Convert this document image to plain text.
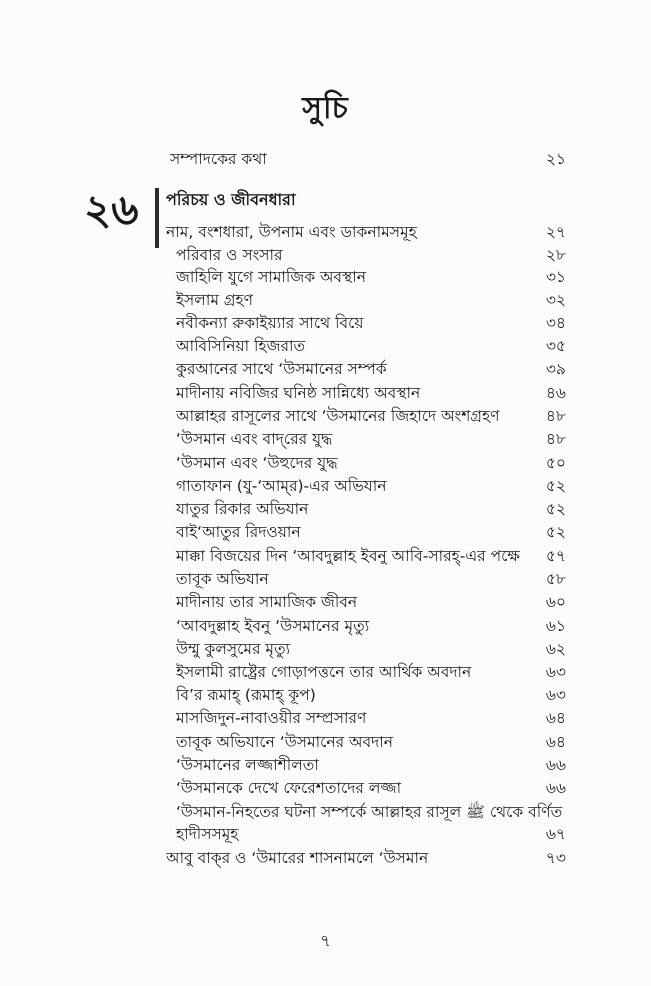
সুচি
সম্পাদকের কথা	২১
২৬ পরিচয় ও জীবনধারা
নাম, বংশধারা, উপনাম এবং ডাকনামসমূহ	২৭
পরিবার ও সংসার	২৮
জাহিলি যুগে সামাজিক অবস্থান	৩১
ইসলাম গ্রহণ	৩২
নবীকন্যা রুকাইয়্যার সাথে বিয়ে	৩৪
আবিসিনিয়া হিজরাত	৩৫
কুরআনের সাথে ‘উসমানের সম্পর্ক	৩৯
মাদীনায় নবিজির ঘনিষ্ঠ সান্নিধ্যে অবস্থান	৪৬
আল্লাহর রাসূলের সাথে ‘উসমানের জিহাদে অংশগ্রহণ	৪৮
‘উসমান এবং বাদ্‌রের যুদ্ধ	৪৮
‘উসমান এবং ‘উহুদের যুদ্ধ	৫০
গাতাফান (যু-‘আম্‌র)-এর অভিযান	৫২
যাতুর রিকার অভিযান	৫২
বাই‘আতুর রিদওয়ান	৫২
মাক্কা বিজয়ের দিন ‘আবদুল্লাহ ইবনু আবি-সারহ্‌-এর পক্ষে ৫৭
তাবূক অভিযান	৫৮
মাদীনায় তার সামাজিক জীবন	৬০
‘আবদুল্লাহ ইবনু ‘উসমানের মৃত্যু	৬১
উম্মু কুলসুমের মৃত্যু	৬২
ইসলামী রাষ্ট্রের গোড়াপত্তনে তার আর্থিক অবদান	৬৩
বি’র রূমাহ্‌ (রূমাহ্‌ কূপ)	৬৩
মাসজিদুন-নাবাওয়ীর সম্প্রসারণ	৬৪
তাবূক অভিযানে ‘উসমানের অবদান	৬৪
‘উসমানের লজ্জাশীলতা	৬৬
‘উসমানকে দেখে ফেরেশতাদের লজ্জা	৬৬
‘উসমান-নিহতের ঘটনা সম্পর্কে আল্লাহর রাসূল ﷺ থেকে বর্ণিত
হাদীসসমূহ	৬৭
আবু বাক্‌র ও ‘উমারের শাসনামলে ‘উসমান	৭৩
৭
